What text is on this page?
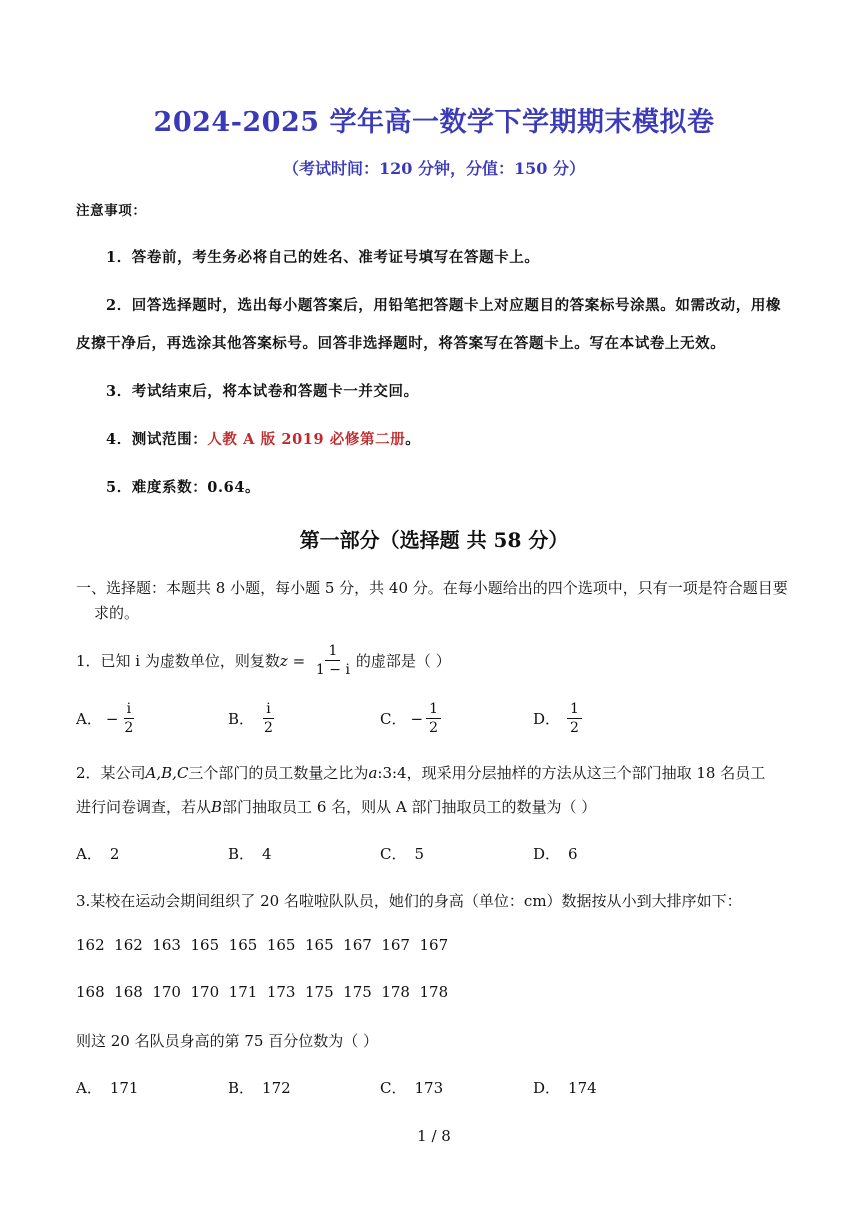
2024-2025 学年高一数学下学期期末模拟卷
（考试时间：120 分钟，分值：150 分）
注意事项：
1．答卷前，考生务必将自己的姓名、准考证号填写在答题卡上。
2．回答选择题时，选出每小题答案后，用铅笔把答题卡上对应题目的答案标号涂黑。如需改动，用橡
皮擦干净后，再选涂其他答案标号。回答非选择题时，将答案写在答题卡上。写在本试卷上无效。
3．考试结束后，将本试卷和答题卡一并交回。
4．测试范围：人教 A 版 2019 必修第二册。
5．难度系数：0.64。
第一部分（选择题 共 58 分）
一、选择题：本题共 8 小题，每小题 5 分，共 40 分。在每小题给出的四个选项中，只有一项是符合题目要
求的。
1．已知 i 为虚数单位，则复数 $z = \frac{1}{1 - i}$ 的虚部是（ ）
A． − $\frac{i}{2}$	B． $\frac{i}{2}$	C． − $\frac{1}{2}$	D． $\frac{1}{2}$
2．某公司A,B,C三个部门的员工数量之比为a:3:4，现采用分层抽样的方法从这三个部门抽取 18 名员工
进行问卷调查，若从B部门抽取员工 6 名，则从 A 部门抽取员工的数量为（ ）
A． 2	B． 4	C． 5	D． 6
3.某校在运动会期间组织了 20 名啦啦队队员，她们的身高（单位：cm）数据按从小到大排序如下：
162  162  163  165  165  165  165  167  167  167
168  168  170  170  171  173  175  175  178  178
则这 20 名队员身高的第 75 百分位数为（ ）
A． 171	B． 172	C． 173	D． 174
1 / 8
